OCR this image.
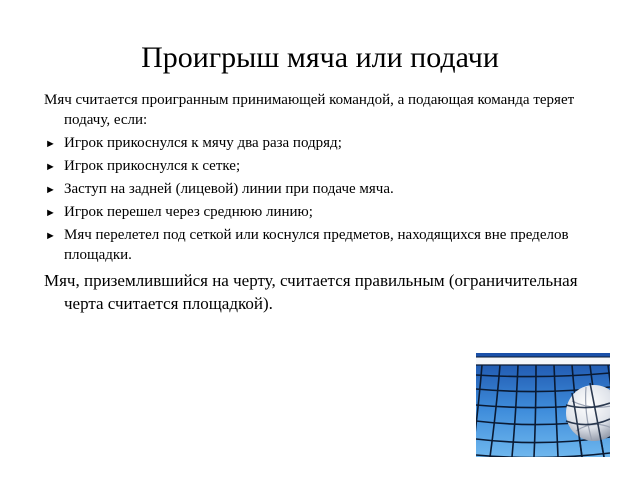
Проигрыш мяча или подачи

Мяч считается проигранным принимающей командой, а подающая команда теряет подачу, если:

► Игрок прикоснулся к мячу два раза подряд;
► Игрок прикоснулся к сетке;
► Заступ на задней (лицевой) линии при подаче мяча.
► Игрок перешел через среднюю линию;
► Мяч перелетел под сеткой или коснулся предметов, находящихся вне пределов площадки.

Мяч, приземлившийся на черту, считается правильным (ограничительная черта считается площадкой).
